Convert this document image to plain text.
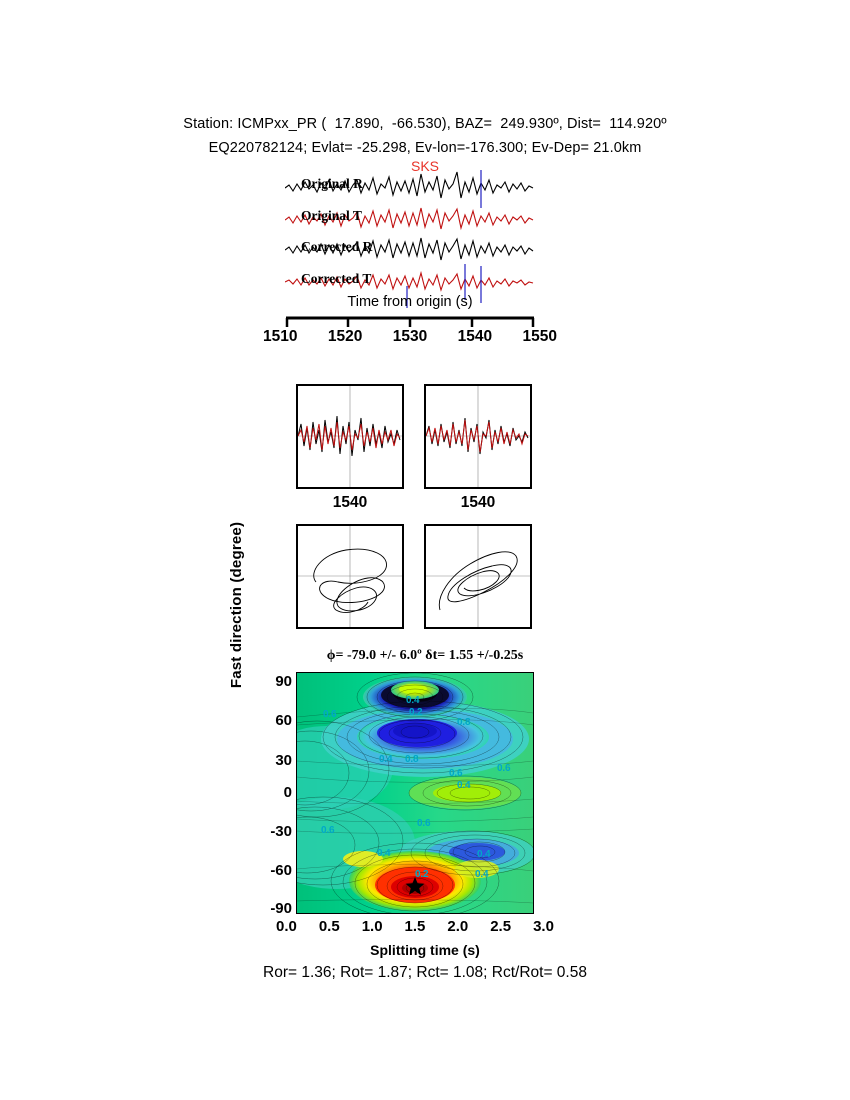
Station: ICMPxx_PR (  17.890,  -66.530), BAZ=  249.930º, Dist=  114.920º
EQ220782124; Evlat= -25.298, Ev-lon=-176.300; Ev-Dep= 21.0km
Original R
Original T
Corrected R
Corrected T
SKS
Time from origin (s)
1510 1520 1530 1540 1550
1540	1540
ϕ= -79.0 +/- 6.0º δt= 1.55 +/-0.25s
Fast direction (degree)	90
60
30
0
-30
-60
-90
0.6
0.4
0.2
0.8
0.4 0.8
0.6	0.6
0.4
0.6
0.6
0.4
0.2
0.4
0.4
0.0 0.5 1.0 1.5 2.0 2.5 3.0
Splitting time (s)
Ror= 1.36; Rot= 1.87; Rct= 1.08; Rct/Rot= 0.58
